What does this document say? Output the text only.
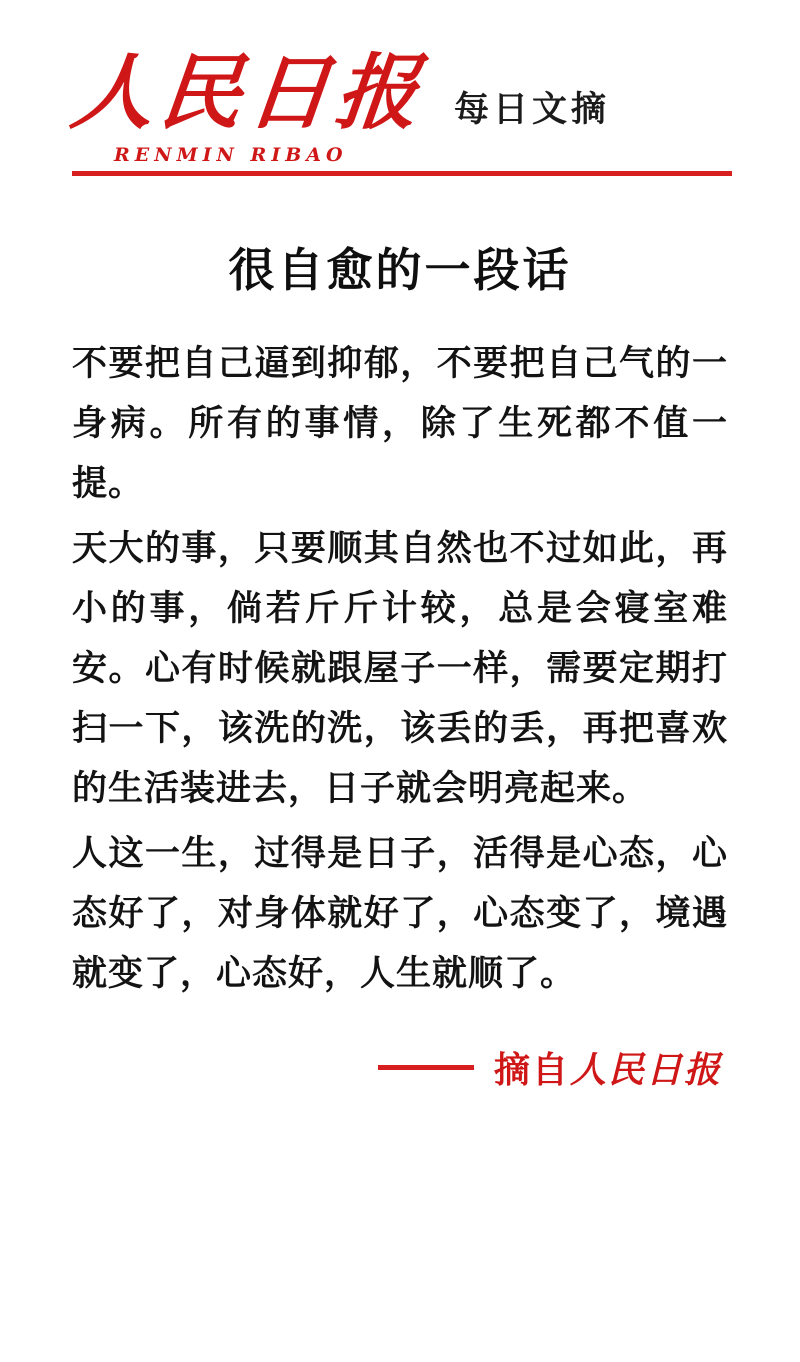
人民日报
RENMIN RIBAO
每日文摘
很自愈的一段话

不要把自己逼到抑郁，不要把自己气的一身病。所有的事情，除了生死都不值一提。

天大的事，只要顺其自然也不过如此，再小的事，倘若斤斤计较，总是会寝室难安。心有时候就跟屋子一样，需要定期打扫一下，该洗的洗，该丢的丢，再把喜欢的生活装进去，日子就会明亮起来。

人这一生，过得是日子，活得是心态，心态好了，对身体就好了，心态变了，境遇就变了，心态好，人生就顺了。

摘自人民日报
